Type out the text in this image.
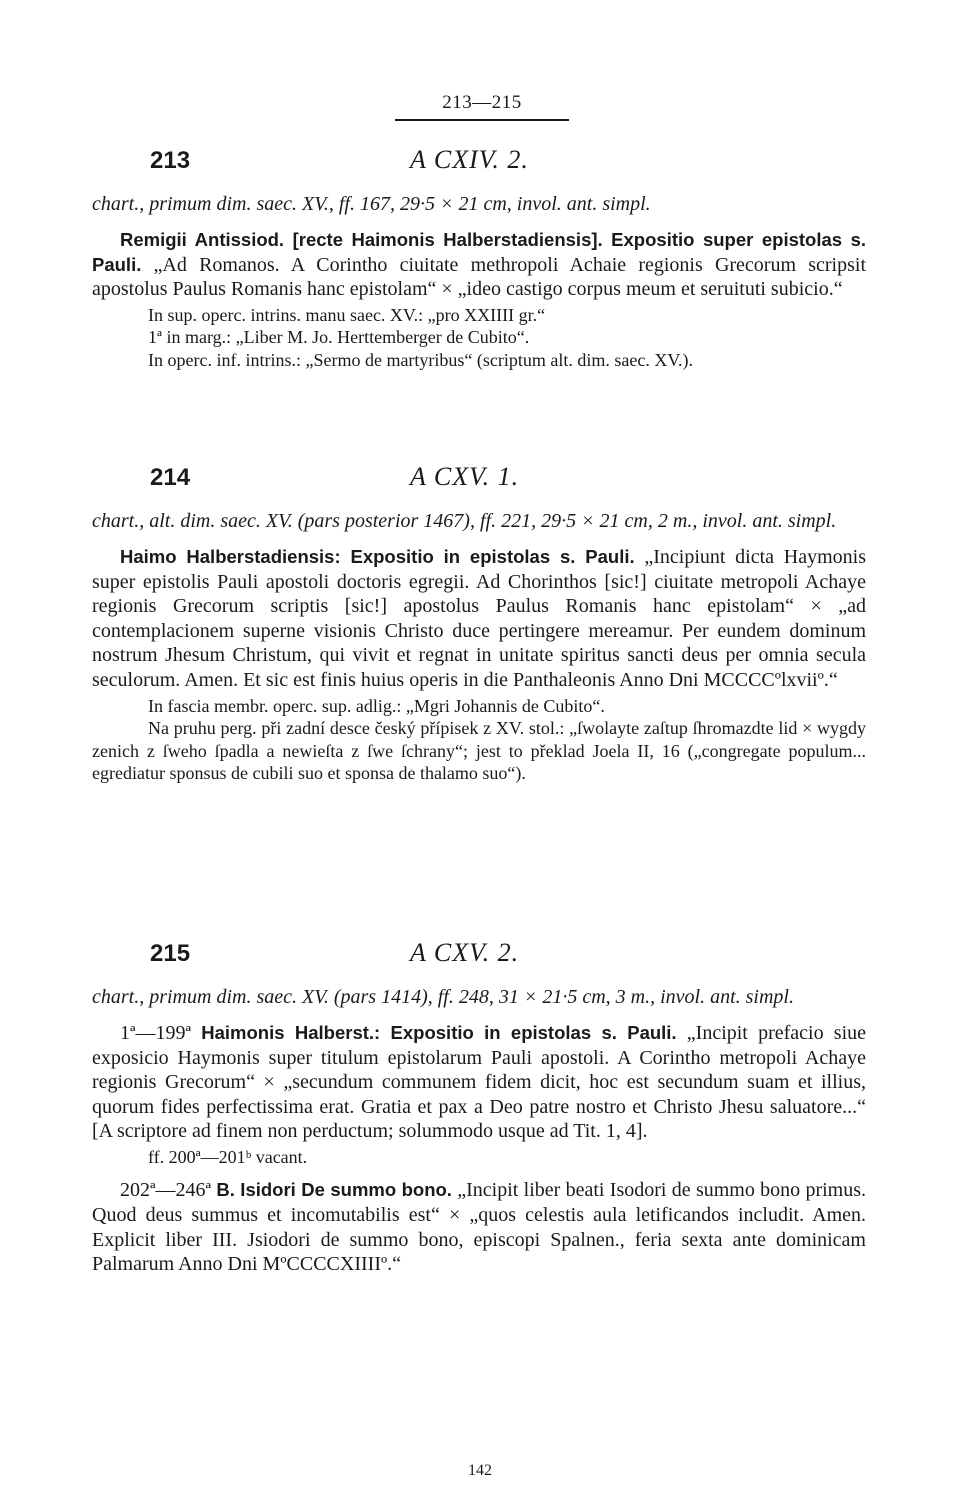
213—215
213	A CXIV. 2.
chart., primum dim. saec. XV., ff. 167, 29·5 × 21 cm, invol. ant. simpl.
Remigii Antissiod. [recte Haimonis Halberstadiensis]. Expositio super epistolas s. Pauli. „Ad Romanos. A Corintho ciuitate methropoli Achaie regionis Grecorum scripsit apostolus Paulus Romanis hanc epistolam“ × „ideo castigo corpus meum et seruituti subicio.“
In sup. operc. intrins. manu saec. XV.: „pro XXIIII gr.“
1ª in marg.: „Liber M. Jo. Herttemberger de Cubito“.
In operc. inf. intrins.: „Sermo de martyribus“ (scriptum alt. dim. saec. XV.).
214	A CXV. 1.
chart., alt. dim. saec. XV. (pars posterior 1467), ff. 221, 29·5 × 21 cm, 2 m., invol. ant. simpl.
Haimo Halberstadiensis: Expositio in epistolas s. Pauli. „Incipiunt dicta Haymonis super epistolis Pauli apostoli doctoris egregii. Ad Chorinthos [sic!] ciuitate metropoli Achaye regionis Grecorum scriptis [sic!] apostolus Paulus Romanis hanc epistolam“ × „ad contemplacionem superne visionis Christo duce pertingere mereamur. Per eundem dominum nostrum Jhesum Christum, qui vivit et regnat in unitate spiritus sancti deus per omnia secula seculorum. Amen. Et sic est finis huius operis in die Panthaleonis Anno Dni MCCCCºlxviiº.“
In fascia membr. operc. sup. adlig.: „Mgri Johannis de Cubito“.
Na pruhu perg. při zadní desce český přípisek z XV. stol.: „ſwolayte zaſtup ſhromazdte lid × wygdy zenich z ſweho ſpadla a newieſta z ſwe ſchrany“; jest to překlad Joela II, 16 („congregate populum... egrediatur sponsus de cubili suo et sponsa de thalamo suo“).
215	A CXV. 2.
chart., primum dim. saec. XV. (pars 1414), ff. 248, 31 × 21·5 cm, 3 m., invol. ant. simpl.
1ª—199ª Haimonis Halberst.: Expositio in epistolas s. Pauli. „Incipit prefacio siue exposicio Haymonis super titulum epistolarum Pauli apostoli. A Corintho metropoli Achaye regionis Grecorum“ × „secundum communem fidem dicit, hoc est secundum suam et illius, quorum fides perfectissima erat. Gratia et pax a Deo patre nostro et Christo Jhesu saluatore...“ [A scriptore ad finem non perductum; solummodo usque ad Tit. 1, 4].
ff. 200ª—201ᵇ vacant.
202ª—246ª B. Isidori De summo bono. „Incipit liber beati Isodori de summo bono primus. Quod deus summus et incomutabilis est“ × „quos celestis aula letificandos includit. Amen. Explicit liber III. Jsiodori de summo bono, episcopi Spalnen., feria sexta ante dominicam Palmarum Anno Dni MºCCCCXIIIIº.“
142
